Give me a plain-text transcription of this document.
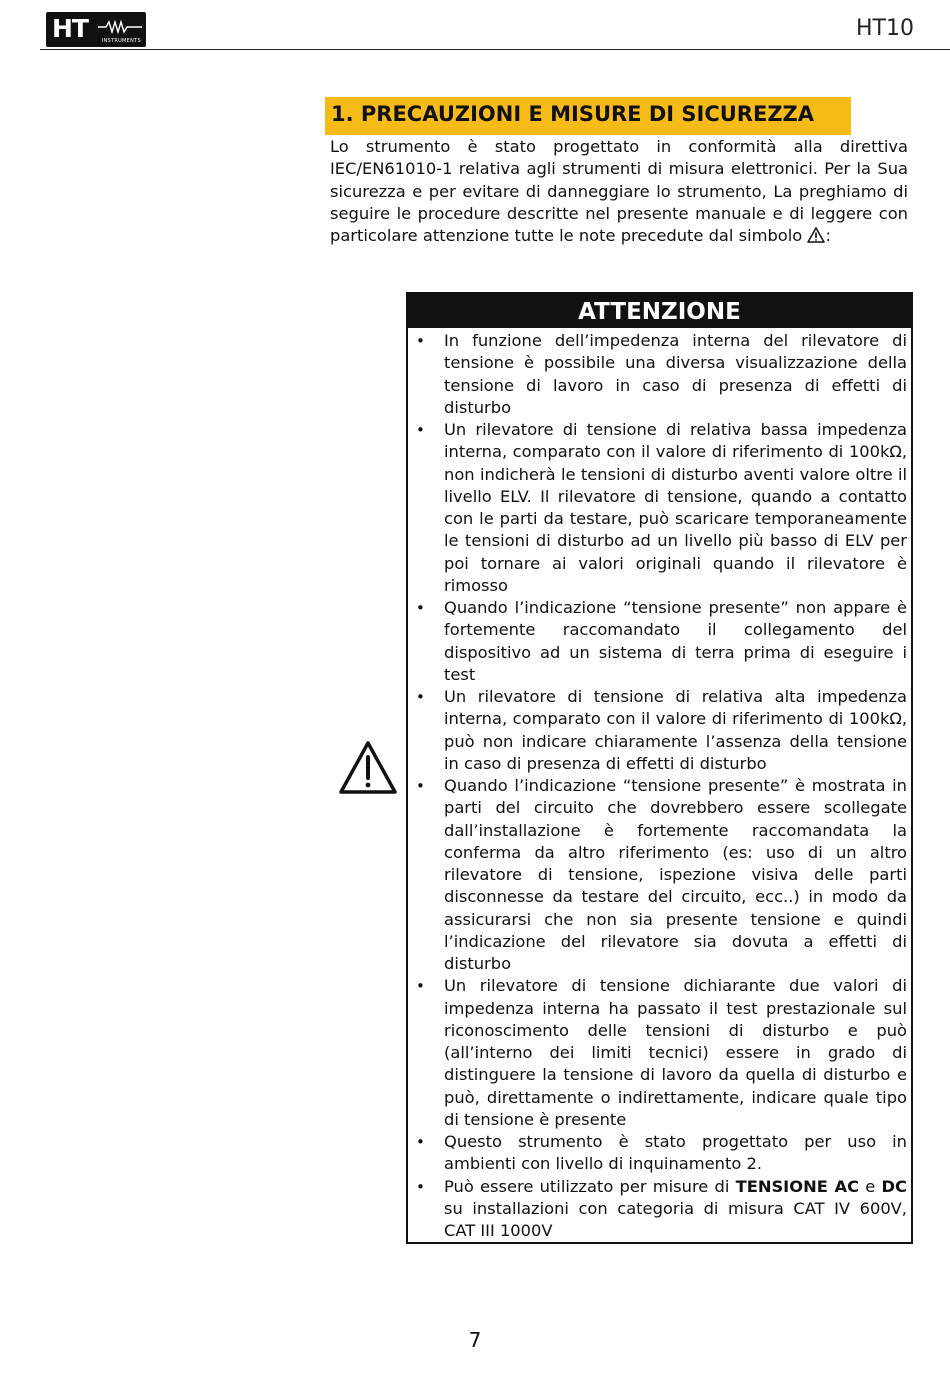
HT	INSTRUMENTS	HT10
1. PRECAUZIONI E MISURE DI SICUREZZA

Lo strumento è stato progettato in conformità alla direttiva IEC/EN61010-1 relativa agli strumenti di misura elettronici. Per la Sua sicurezza e per evitare di danneggiare lo strumento, La preghiamo di seguire le procedure descritte nel presente manuale e di leggere con particolare attenzione tutte le note precedute dal simbolo :

ATTENZIONE
• In funzione dell’impedenza interna del rilevatore di tensione è possibile una diversa visualizzazione della tensione di lavoro in caso di presenza di effetti di disturbo
• Un rilevatore di tensione di relativa bassa impedenza interna, comparato con il valore di riferimento di 100kΩ, non indicherà le tensioni di disturbo aventi valore oltre il livello ELV. Il rilevatore di tensione, quando a contatto con le parti da testare, può scaricare temporaneamente le tensioni di disturbo ad un livello più basso di ELV per poi tornare ai valori originali quando il rilevatore è rimosso
• Quando l’indicazione “tensione presente” non appare è fortemente raccomandato il collegamento del dispositivo ad un sistema di terra prima di eseguire i test
• Un rilevatore di tensione di relativa alta impedenza interna, comparato con il valore di riferimento di 100kΩ, può non indicare chiaramente l’assenza della tensione in caso di presenza di effetti di disturbo
• Quando l’indicazione “tensione presente” è mostrata in parti del circuito che dovrebbero essere scollegate dall’installazione è fortemente raccomandata la conferma da altro riferimento (es: uso di un altro rilevatore di tensione, ispezione visiva delle parti disconnesse da testare del circuito, ecc..) in modo da assicurarsi che non sia presente tensione e quindi l’indicazione del rilevatore sia dovuta a effetti di disturbo
• Un rilevatore di tensione dichiarante due valori di impedenza interna ha passato il test prestazionale sul riconoscimento delle tensioni di disturbo e può (all’interno dei limiti tecnici) essere in grado di distinguere la tensione di lavoro da quella di disturbo e può, direttamente o indirettamente, indicare quale tipo di tensione è presente
• Questo strumento è stato progettato per uso in ambienti con livello di inquinamento 2.
• Può essere utilizzato per misure di TENSIONE AC e DC su installazioni con categoria di misura CAT IV 600V, CAT III 1000V
7
